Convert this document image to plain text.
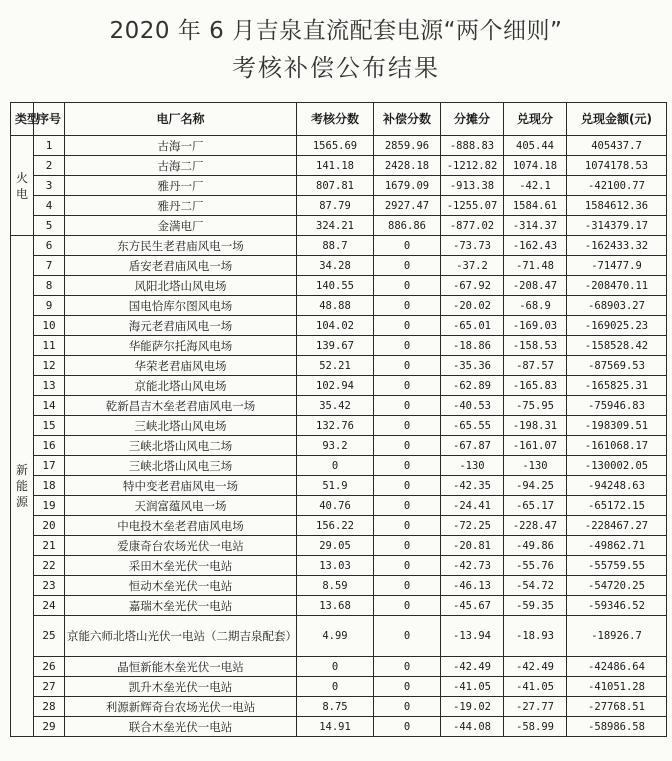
2020 年 6 月吉泉直流配套电源“两个细则”
考核补偿公布结果
类型	序号	电厂名称	考核分数	补偿分数	分摊分	兑现分	兑现金额(元)
火电	1	古海一厂	1565.69	2859.96	-888.83	405.44	405437.7
	2	古海二厂	141.18	2428.18	-1212.82	1074.18	1074178.53
	3	雅丹一厂	807.81	1679.09	-913.38	-42.1	-42100.77
	4	雅丹二厂	87.79	2927.47	-1255.07	1584.61	1584612.36
	5	金满电厂	324.21	886.86	-877.02	-314.37	-314379.17
新能源	6	东方民生老君庙风电一场	88.7	0	-73.73	-162.43	-162433.32
	7	盾安老君庙风电一场	34.28	0	-37.2	-71.48	-71477.9
	8	风阳北塔山风电场	140.55	0	-67.92	-208.47	-208470.11
	9	国电恰库尔图风电场	48.88	0	-20.02	-68.9	-68903.27
	10	海元老君庙风电一场	104.02	0	-65.01	-169.03	-169025.23
	11	华能萨尔托海风电场	139.67	0	-18.86	-158.53	-158528.42
	12	华荣老君庙风电场	52.21	0	-35.36	-87.57	-87569.53
	13	京能北塔山风电场	102.94	0	-62.89	-165.83	-165825.31
	14	乾新昌吉木垒老君庙风电一场	35.42	0	-40.53	-75.95	-75946.83
	15	三峡北塔山风电场	132.76	0	-65.55	-198.31	-198309.51
	16	三峡北塔山风电二场	93.2	0	-67.87	-161.07	-161068.17
	17	三峡北塔山风电三场	0	0	-130	-130	-130002.05
	18	特中变老君庙风电一场	51.9	0	-42.35	-94.25	-94248.63
	19	天润富蕴风电一场	40.76	0	-24.41	-65.17	-65172.15
	20	中电投木垒老君庙风电场	156.22	0	-72.25	-228.47	-228467.27
	21	爱康奇台农场光伏一电站	29.05	0	-20.81	-49.86	-49862.71
	22	采田木垒光伏一电站	13.03	0	-42.73	-55.76	-55759.55
	23	恒动木垒光伏一电站	8.59	0	-46.13	-54.72	-54720.25
	24	嘉瑞木垒光伏一电站	13.68	0	-45.67	-59.35	-59346.52
	25	京能六师北塔山光伏一电站（二期吉泉配套）	4.99	0	-13.94	-18.93	-18926.7
	26	晶恒新能木垒光伏一电站	0	0	-42.49	-42.49	-42486.64
	27	凯升木垒光伏一电站	0	0	-41.05	-41.05	-41051.28
	28	利源新辉奇台农场光伏一电站	8.75	0	-19.02	-27.77	-27768.51
	29	联合木垒光伏一电站	14.91	0	-44.08	-58.99	-58986.58
